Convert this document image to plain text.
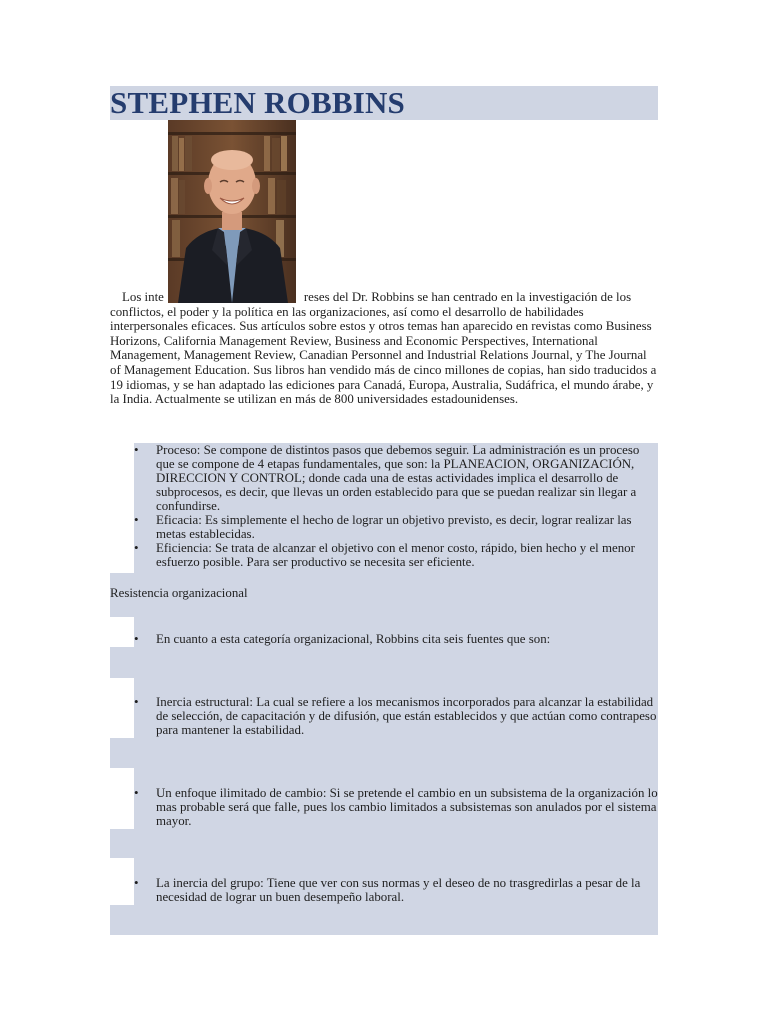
STEPHEN ROBBINS

Los inte	reses del Dr. Robbins se han centrado en la investigación de los conflictos, el poder y la política en las organizaciones, así como el desarrollo de habilidades interpersonales eficaces. Sus artículos sobre estos y otros temas han aparecido en revistas como Business Horizons, California Management Review, Business and Economic Perspectives, International Management, Management Review, Canadian Personnel and Industrial Relations Journal, y The Journal of Management Education. Sus libros han vendido más de cinco millones de copias, han sido traducidos a 19 idiomas, y se han adaptado las ediciones para Canadá, Europa, Australia, Sudáfrica, el mundo árabe, y la India. Actualmente se utilizan en más de 800 universidades estadounidenses.

• Proceso: Se compone de distintos pasos que debemos seguir. La administración es un proceso que se compone de 4 etapas fundamentales, que son: la PLANEACION, ORGANIZACIÓN, DIRECCION Y CONTROL; donde cada una de estas actividades implica el desarrollo de subprocesos, es decir, que llevas un orden establecido para que se puedan realizar sin llegar a confundirse.
• Eficacia: Es simplemente el hecho de lograr un objetivo previsto, es decir, lograr realizar las metas establecidas.
• Eficiencia: Se trata de alcanzar el objetivo con el menor costo, rápido, bien hecho y el menor esfuerzo posible. Para ser productivo se necesita ser eficiente.

Resistencia organizacional

• En cuanto a esta categoría organizacional, Robbins cita seis fuentes que son:
• Inercia estructural: La cual se refiere a los mecanismos incorporados para alcanzar la estabilidad de selección, de capacitación y de difusión, que están establecidos y que actúan como contrapeso para mantener la estabilidad.
• Un enfoque ilimitado de cambio: Si se pretende el cambio en un subsistema de la organización lo mas probable será que falle, pues los cambio limitados a subsistemas son anulados por el sistema mayor.
• La inercia del grupo: Tiene que ver con sus normas y el deseo de no trasgredirlas a pesar de la necesidad de lograr un buen desempeño laboral.
